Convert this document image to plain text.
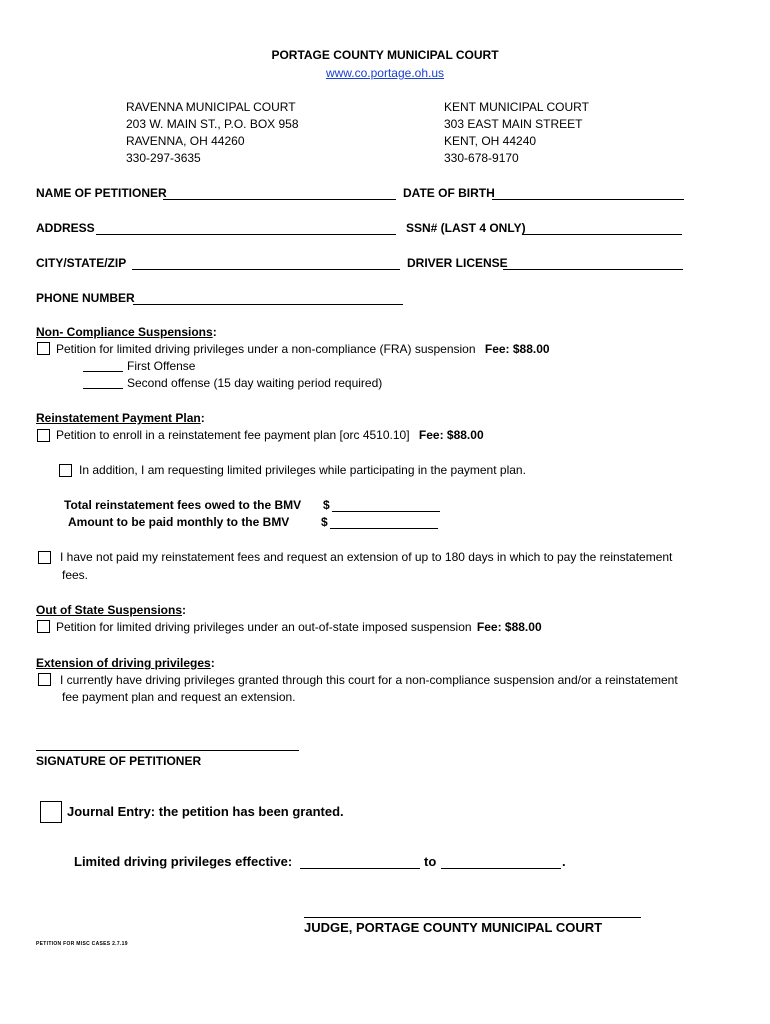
PORTAGE COUNTY MUNICIPAL COURT
www.co.portage.oh.us
RAVENNA MUNICIPAL COURT
203 W. MAIN ST., P.O. BOX 958
RAVENNA, OH 44260
330-297-3635
KENT MUNICIPAL COURT
303 EAST MAIN STREET
KENT, OH 44240
330-678-9170
NAME OF PETITIONER	DATE OF BIRTH
ADDRESS	SSN# (LAST 4 ONLY)
CITY/STATE/ZIP	DRIVER LICENSE
PHONE NUMBER
Non- Compliance Suspensions:
Petition for limited driving privileges under a non-compliance (FRA) suspension Fee: $88.00
First Offense
Second offense (15 day waiting period required)
Reinstatement Payment Plan:
Petition to enroll in a reinstatement fee payment plan [orc 4510.10] Fee: $88.00
In addition, I am requesting limited privileges while participating in the payment plan.
Total reinstatement fees owed to the BMV $
Amount to be paid monthly to the BMV	$
I have not paid my reinstatement fees and request an extension of up to 180 days in which to pay the reinstatement
fees.
Out of State Suspensions:
Petition for limited driving privileges under an out-of-state imposed suspension Fee: $88.00
Extension of driving privileges:
I currently have driving privileges granted through this court for a non-compliance suspension and/or a reinstatement
fee payment plan and request an extension.
SIGNATURE OF PETITIONER
Journal Entry: the petition has been granted.
Limited driving privileges effective:	to	.
JUDGE, PORTAGE COUNTY MUNICIPAL COURT
PETITION FOR MISC CASES 2.7.19
